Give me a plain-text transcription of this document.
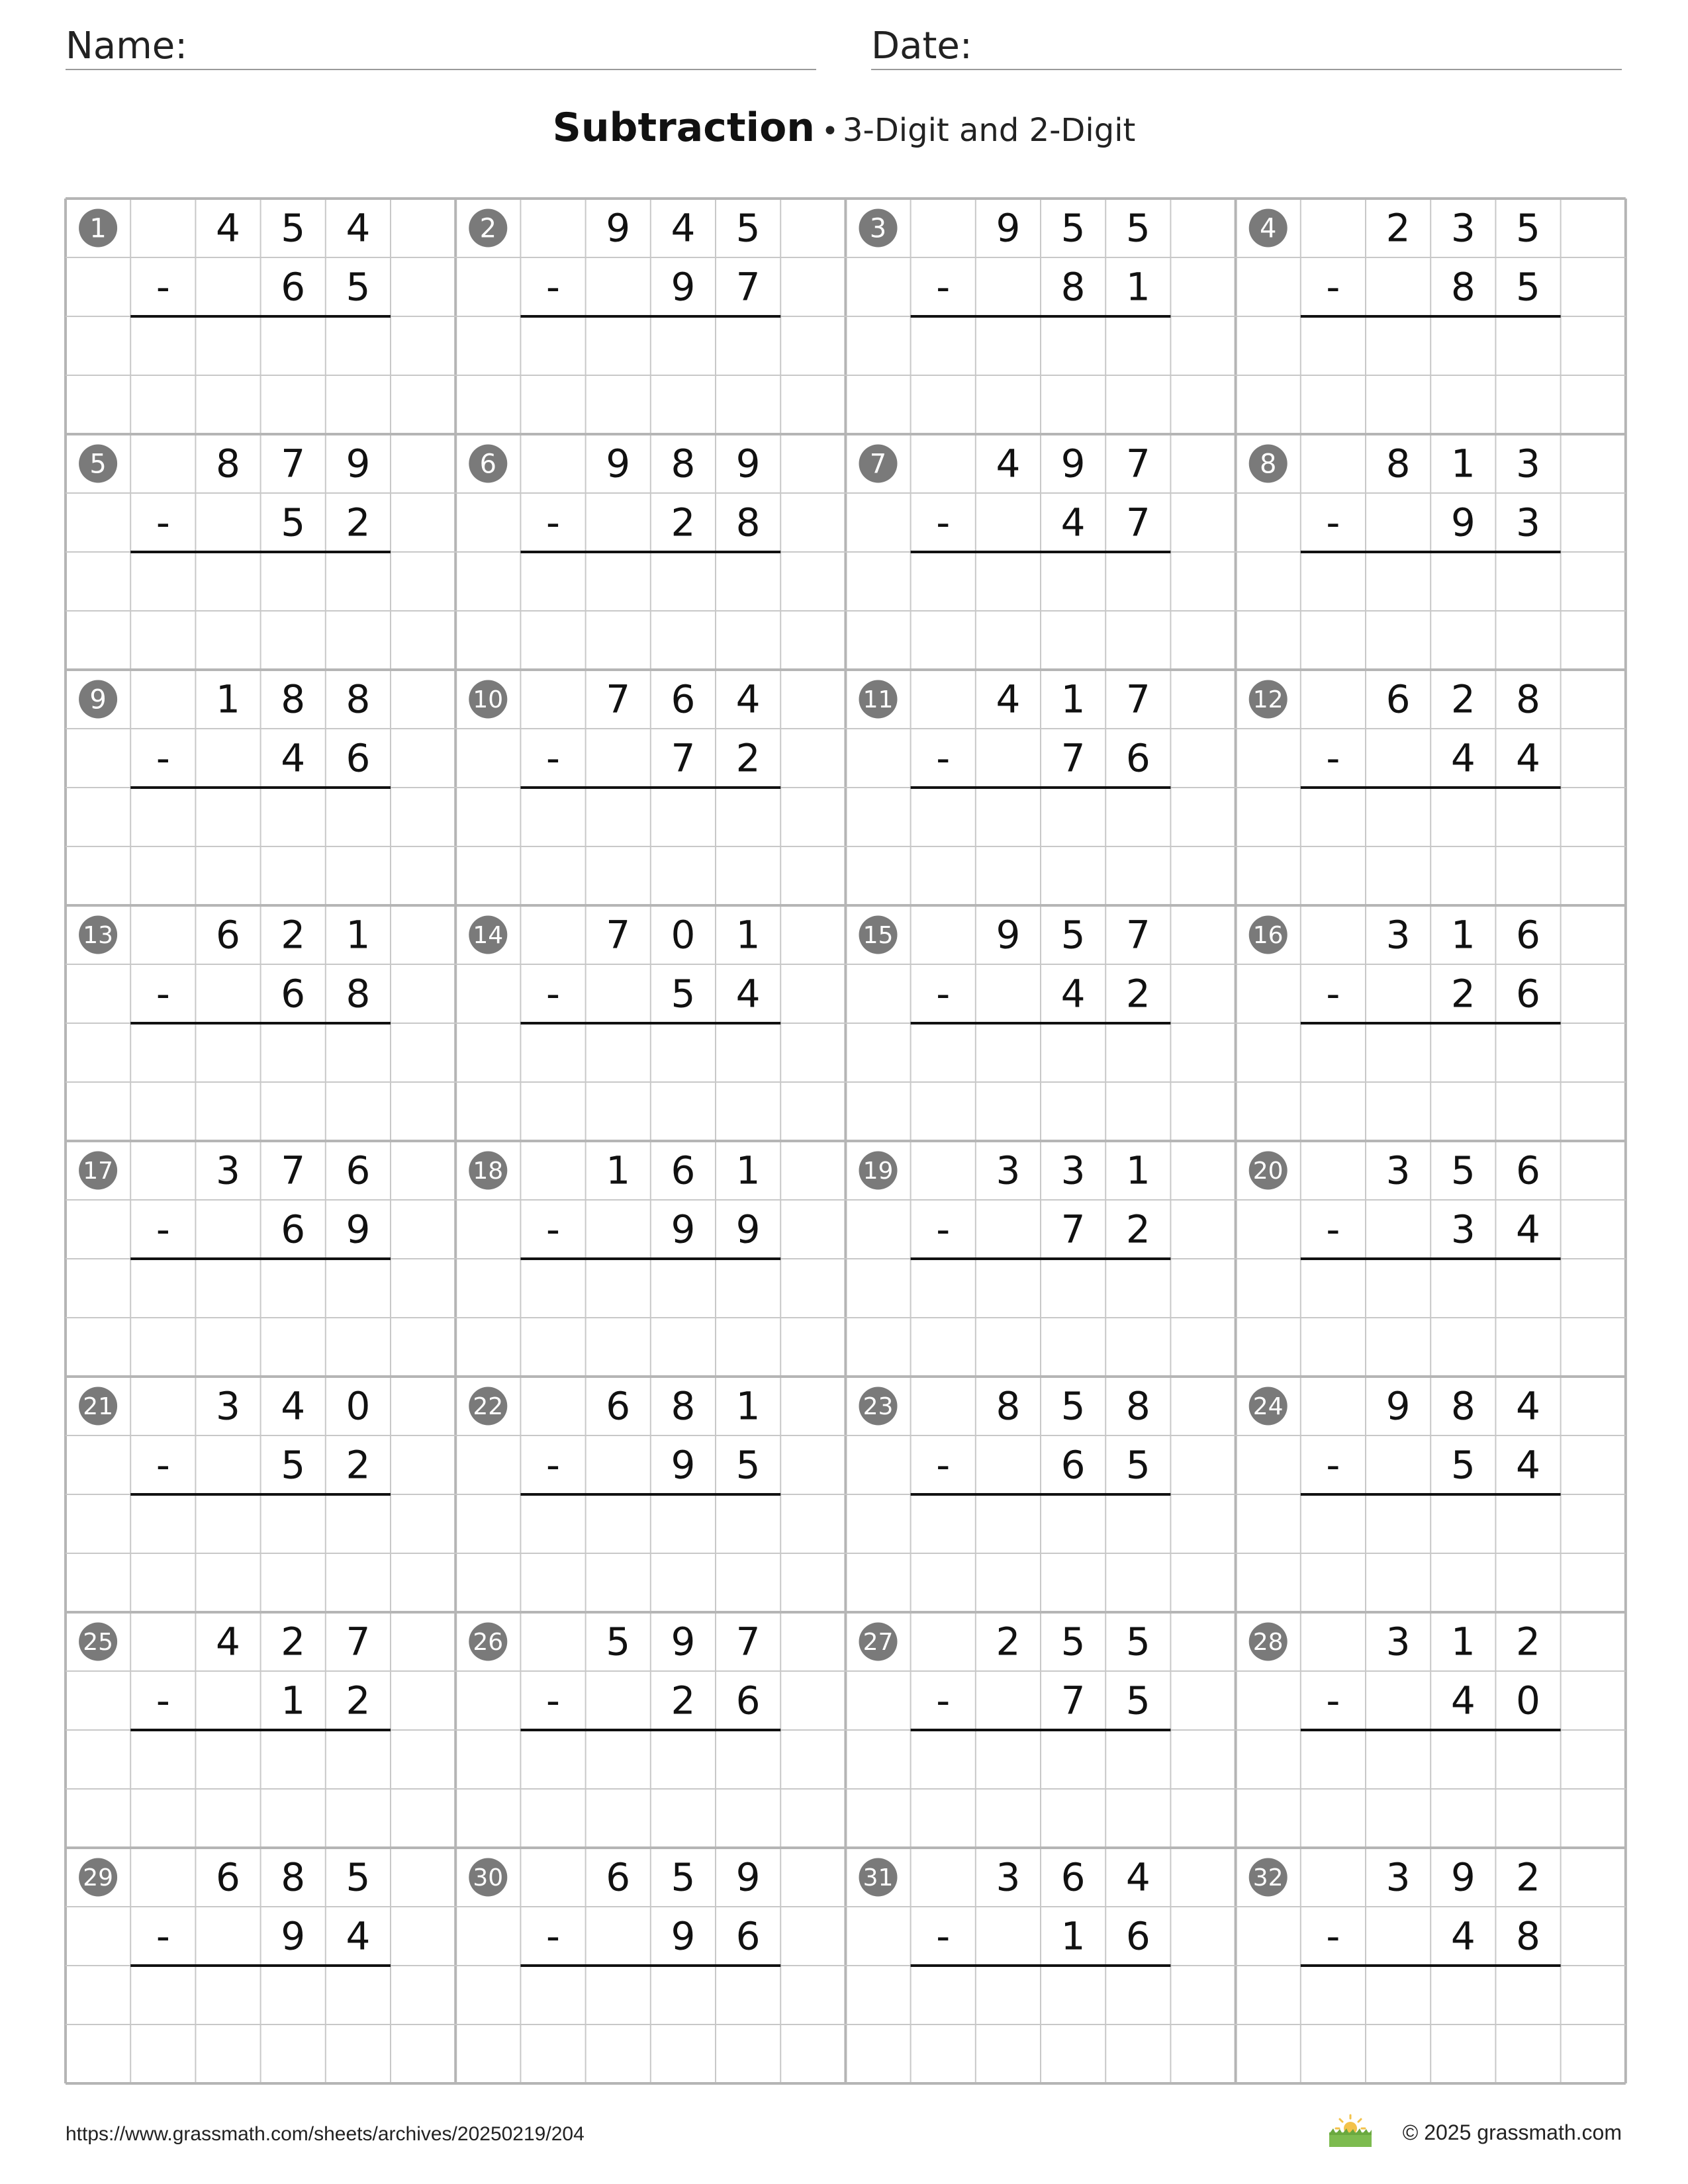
Name:	Date:
Subtraction • 3-Digit and 2-Digit
1	4 5 4
-	6 5
2	9 4 5
-	9 7
3	9 5 5
-	8 1
4	2 3 5
-	8 5
5	8 7 9
-	5 2
6	9 8 9
-	2 8
7	4 9 7
-	4 7
8	8 1 3
-	9 3
9	1 8 8
-	4 6
10	7 6 4
-	7 2
11	4 1 7
-	7 6
12	6 2 8
-	4 4
13	6 2 1
-	6 8
14	7 0 1
-	5 4
15	9 5 7
-	4 2
16	3 1 6
-	2 6
17	3 7 6
-	6 9
18	1 6 1
-	9 9
19	3 3 1
-	7 2
20	3 5 6
-	3 4
21	3 4 0
-	5 2
22	6 8 1
-	9 5
23	8 5 8
-	6 5
24	9 8 4
-	5 4
25	4 2 7
-	1 2
26	5 9 7
-	2 6
27	2 5 5
-	7 5
28	3 1 2
-	4 0
29	6 8 5
-	9 4
30	6 5 9
-	9 6
31	3 6 4
-	1 6
32	3 9 2
-	4 8
https://www.grassmath.com/sheets/archives/20250219/204	© 2025 grassmath.com
